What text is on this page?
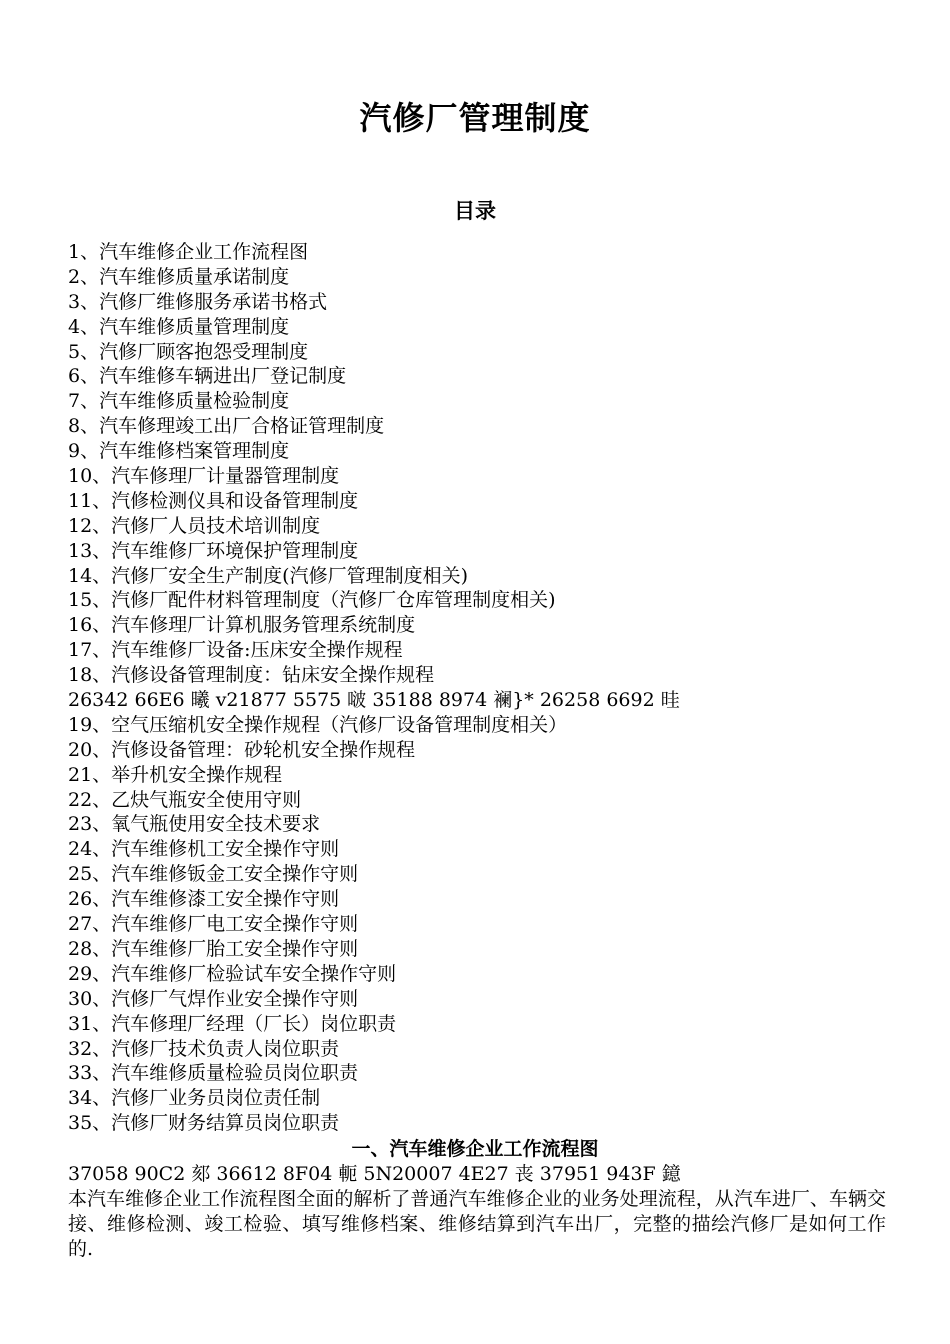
汽修厂管理制度
目录
1、汽车维修企业工作流程图
2、汽车维修质量承诺制度
3、汽修厂维修服务承诺书格式
4、汽车维修质量管理制度
5、汽修厂顾客抱怨受理制度
6、汽车维修车辆进出厂登记制度
7、汽车维修质量检验制度
8、汽车修理竣工出厂合格证管理制度
9、汽车维修档案管理制度
10、汽车修理厂计量器管理制度
11、汽修检测仪具和设备管理制度
12、汽修厂人员技术培训制度
13、汽车维修厂环境保护管理制度
14、汽修厂安全生产制度(汽修厂管理制度相关)
15、汽修厂配件材料管理制度（汽修厂仓库管理制度相关)
16、汽车修理厂计算机服务管理系统制度
17、汽车维修厂设备:压床安全操作规程
18、汽修设备管理制度：钻床安全操作规程
26342 66E6 曦 v21877 5575 啵 35188 8974 襕}* 26258 6692 晆
19、空气压缩机安全操作规程（汽修厂设备管理制度相关）
20、汽修设备管理：砂轮机安全操作规程
21、举升机安全操作规程
22、乙炔气瓶安全使用守则
23、氧气瓶使用安全技术要求
24、汽车维修机工安全操作守则
25、汽车维修钣金工安全操作守则
26、汽车维修漆工安全操作守则
27、汽车维修厂电工安全操作守则
28、汽车维修厂胎工安全操作守则
29、汽车维修厂检验试车安全操作守则
30、汽修厂气焊作业安全操作守则
31、汽车修理厂经理（厂长）岗位职责
32、汽修厂技术负责人岗位职责
33、汽车维修质量检验员岗位职责
34、汽修厂业务员岗位责任制
35、汽修厂财务结算员岗位职责
一、汽车维修企业工作流程图
37058 90C2 郂 36612 8F04 軛 5N20007 4E27 丧 37951 943F 鐿

本汽车维修企业工作流程图全面的解析了普通汽车维修企业的业务处理流程，从汽车进厂、车辆交接、维修检测、竣工检验、填写维修档案、维修结算到汽车出厂，完整的描绘汽修厂是如何工作的.
